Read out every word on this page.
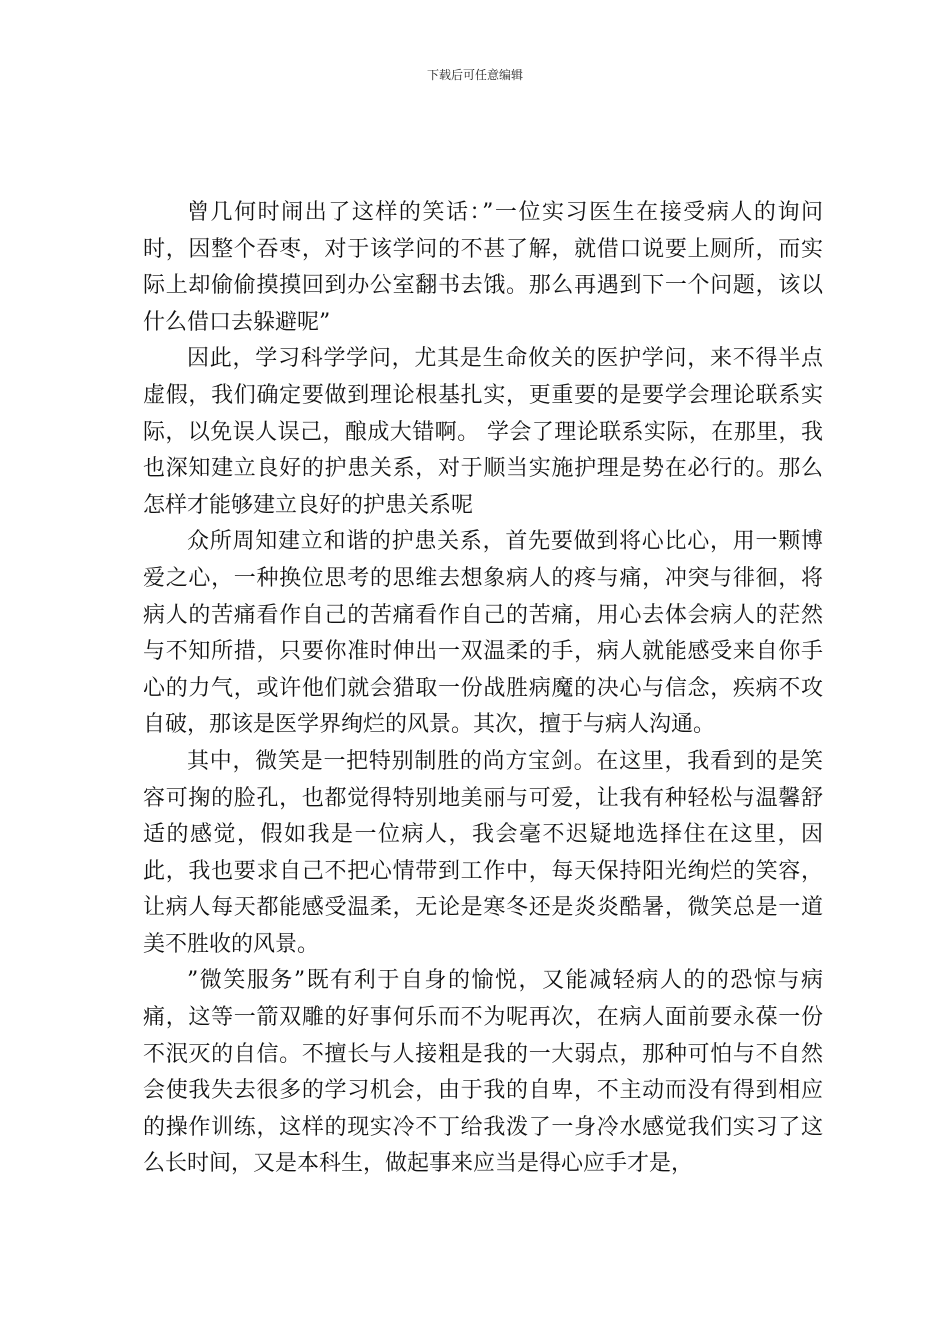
下载后可任意编辑

曾几何时闹出了这样的笑话：”一位实习医生在接受病人的询问时，因整个吞枣，对于该学问的不甚了解，就借口说要上厕所，而实际上却偷偷摸摸回到办公室翻书去饿。那么再遇到下一个问题，该以什么借口去躲避呢”

因此，学习科学学问，尤其是生命攸关的医护学问，来不得半点虚假，我们确定要做到理论根基扎实，更重要的是要学会理论联系实际，以免误人误己，酿成大错啊。 学会了理论联系实际，在那里，我也深知建立良好的护患关系，对于顺当实施护理是势在必行的。那么怎样才能够建立良好的护患关系呢

众所周知建立和谐的护患关系，首先要做到将心比心，用一颗博爱之心，一种换位思考的思维去想象病人的疼与痛，冲突与徘徊，将病人的苦痛看作自己的苦痛看作自己的苦痛，用心去体会病人的茫然与不知所措，只要你准时伸出一双温柔的手，病人就能感受来自你手心的力气，或许他们就会猎取一份战胜病魔的决心与信念，疾病不攻自破，那该是医学界绚烂的风景。其次，擅于与病人沟通。

其中，微笑是一把特别制胜的尚方宝剑。在这里，我看到的是笑容可掬的脸孔，也都觉得特别地美丽与可爱，让我有种轻松与温馨舒适的感觉，假如我是一位病人，我会毫不迟疑地选择住在这里，因此，我也要求自己不把心情带到工作中，每天保持阳光绚烂的笑容，让病人每天都能感受温柔，无论是寒冬还是炎炎酷暑，微笑总是一道美不胜收的风景。

”微笑服务”既有利于自身的愉悦，又能减轻病人的的恐惊与病痛，这等一箭双雕的好事何乐而不为呢再次，在病人面前要永葆一份不泯灭的自信。不擅长与人接粗是我的一大弱点，那种可怕与不自然会使我失去很多的学习机会，由于我的自卑，不主动而没有得到相应的操作训练，这样的现实冷不丁给我泼了一身冷水感觉我们实习了这么长时间，又是本科生，做起事来应当是得心应手才是，
